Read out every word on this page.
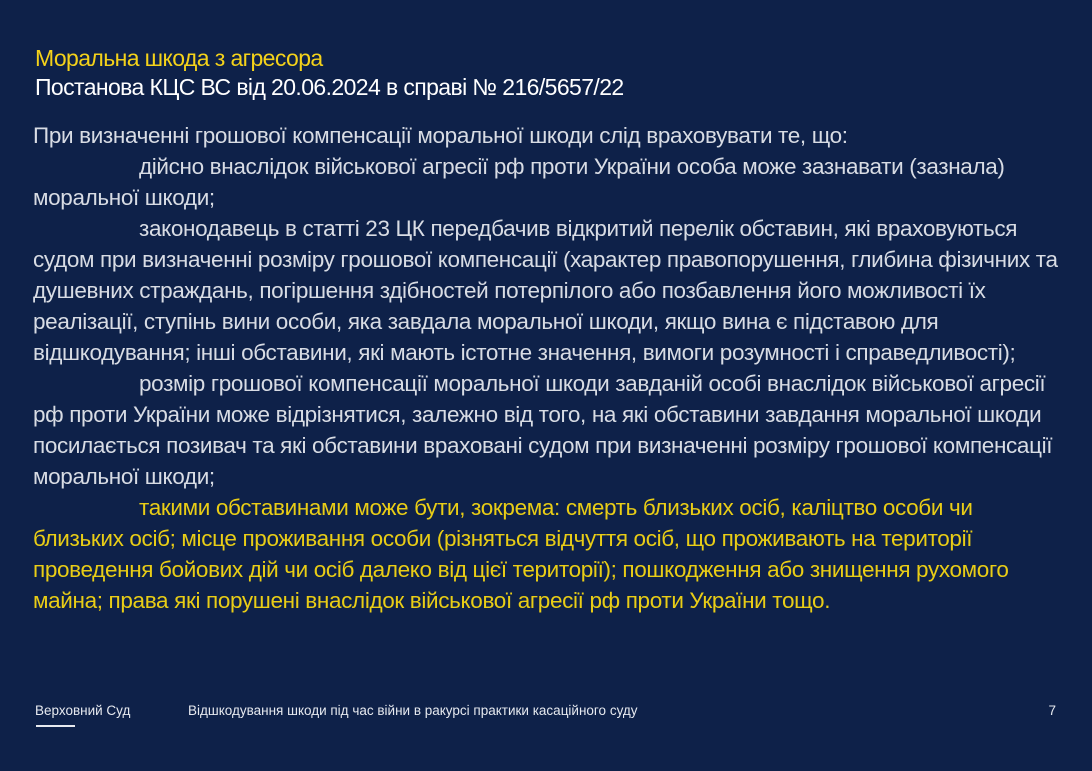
Моральна шкода з агресора
Постанова КЦС ВС від 20.06.2024 в справі № 216/5657/22

При визначенні грошової компенсації моральної шкоди слід враховувати те, що:

дійсно внаслідок військової агресії рф проти України особа може зазнавати (зазнала) моральної шкоди;

законодавець в статті 23 ЦК передбачив відкритий перелік обставин, які враховуються судом при визначенні розміру грошової компенсації (характер правопорушення, глибина фізичних та душевних страждань, погіршення здібностей потерпілого або позбавлення його можливості їх реалізації, ступінь вини особи, яка завдала моральної шкоди, якщо вина є підставою для відшкодування; інші обставини, які мають істотне значення, вимоги розумності і справедливості);

розмір грошової компенсації моральної шкоди завданій особі внаслідок військової агресії рф проти України може відрізнятися, залежно від того, на які обставини завдання моральної шкоди посилається позивач та які обставини враховані судом при визначенні розміру грошової компенсації моральної шкоди;

такими обставинами може бути, зокрема: смерть близьких осіб, каліцтво особи чи близьких осіб; місце проживання особи (різняться відчуття осіб, що проживають на території проведення бойових дій чи осіб далеко від цієї території); пошкодження або знищення рухомого майна; права які порушені внаслідок військової агресії рф проти України тощо.

Верховний Суд	Відшкодування шкоди під час війни в ракурсі практики касаційного суду	7
